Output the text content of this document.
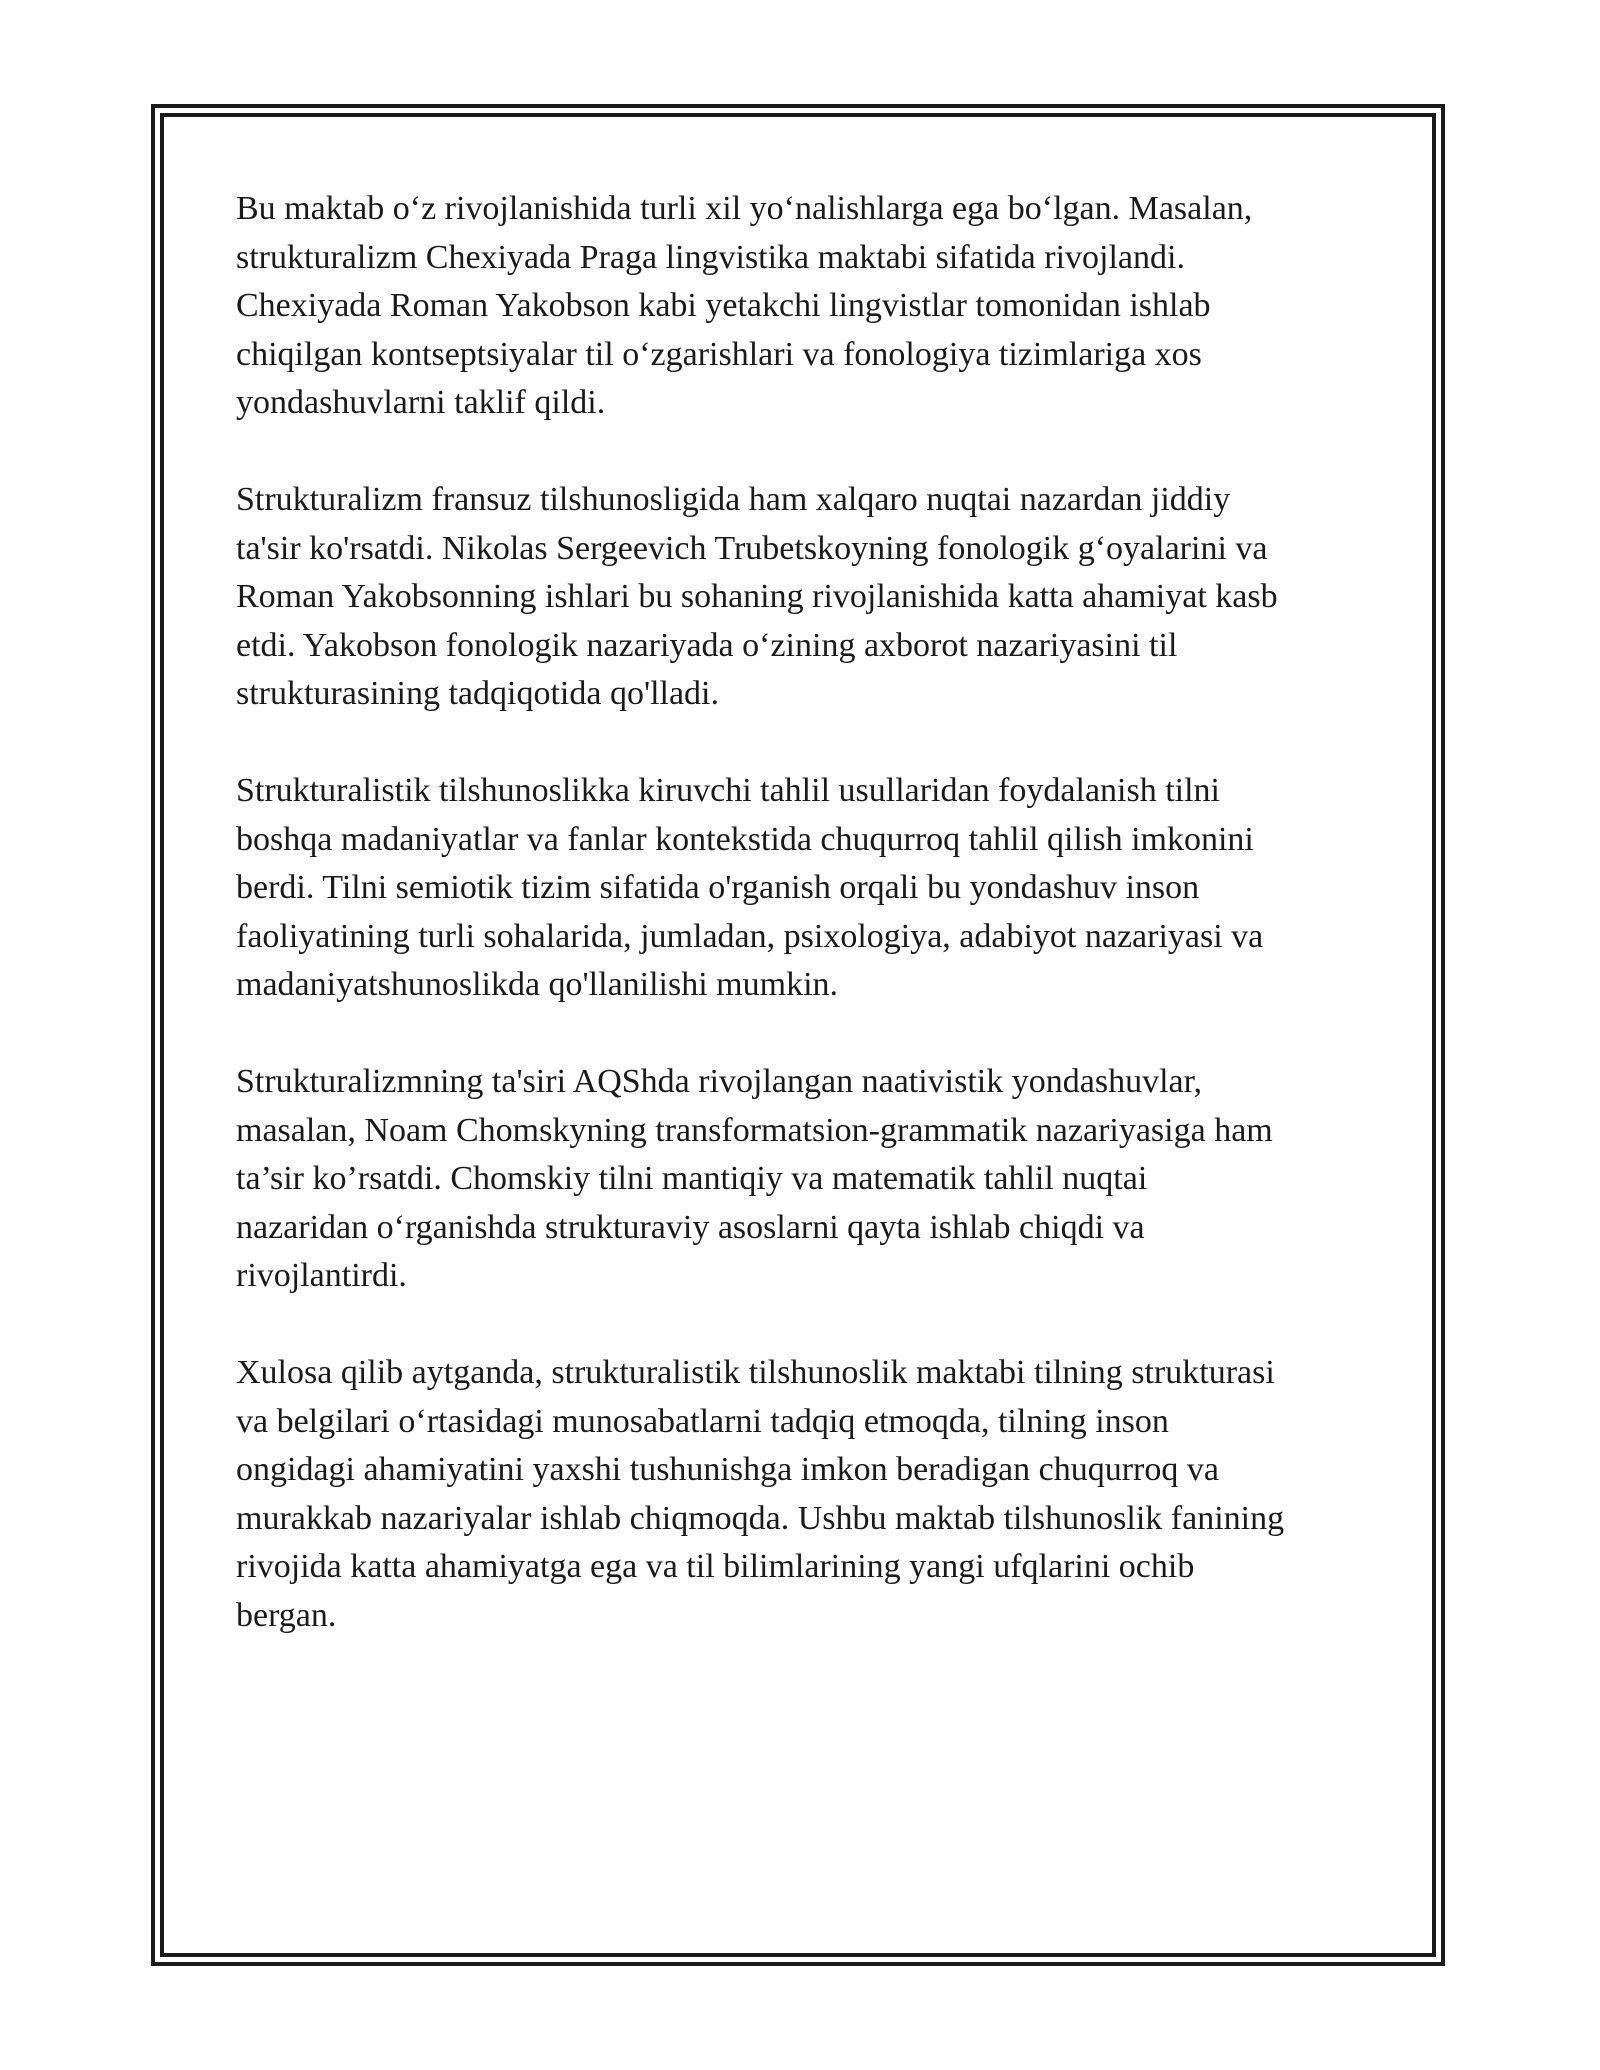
Bu maktab o‘z rivojlanishida turli xil yo‘nalishlarga ega bo‘lgan. Masalan,
strukturalizm Chexiyada Praga lingvistika maktabi sifatida rivojlandi.
Chexiyada Roman Yakobson kabi yetakchi lingvistlar tomonidan ishlab
chiqilgan kontseptsiyalar til o‘zgarishlari va fonologiya tizimlariga xos
yondashuvlarni taklif qildi.

Strukturalizm fransuz tilshunosligida ham xalqaro nuqtai nazardan jiddiy
ta'sir ko'rsatdi. Nikolas Sergeevich Trubetskoyning fonologik g‘oyalarini va
Roman Yakobsonning ishlari bu sohaning rivojlanishida katta ahamiyat kasb
etdi. Yakobson fonologik nazariyada o‘zining axborot nazariyasini til
strukturasining tadqiqotida qo'lladi.

Strukturalistik tilshunoslikka kiruvchi tahlil usullaridan foydalanish tilni
boshqa madaniyatlar va fanlar kontekstida chuqurroq tahlil qilish imkonini
berdi. Tilni semiotik tizim sifatida o'rganish orqali bu yondashuv inson
faoliyatining turli sohalarida, jumladan, psixologiya, adabiyot nazariyasi va
madaniyatshunoslikda qo'llanilishi mumkin.

Strukturalizmning ta'siri AQShda rivojlangan naativistik yondashuvlar,
masalan, Noam Chomskyning transformatsion-grammatik nazariyasiga ham
ta’sir ko’rsatdi. Chomskiy tilni mantiqiy va matematik tahlil nuqtai
nazaridan o‘rganishda strukturaviy asoslarni qayta ishlab chiqdi va
rivojlantirdi.

Xulosa qilib aytganda, strukturalistik tilshunoslik maktabi tilning strukturasi
va belgilari o‘rtasidagi munosabatlarni tadqiq etmoqda, tilning inson
ongidagi ahamiyatini yaxshi tushunishga imkon beradigan chuqurroq va
murakkab nazariyalar ishlab chiqmoqda. Ushbu maktab tilshunoslik fanining
rivojida katta ahamiyatga ega va til bilimlarining yangi ufqlarini ochib
bergan.
